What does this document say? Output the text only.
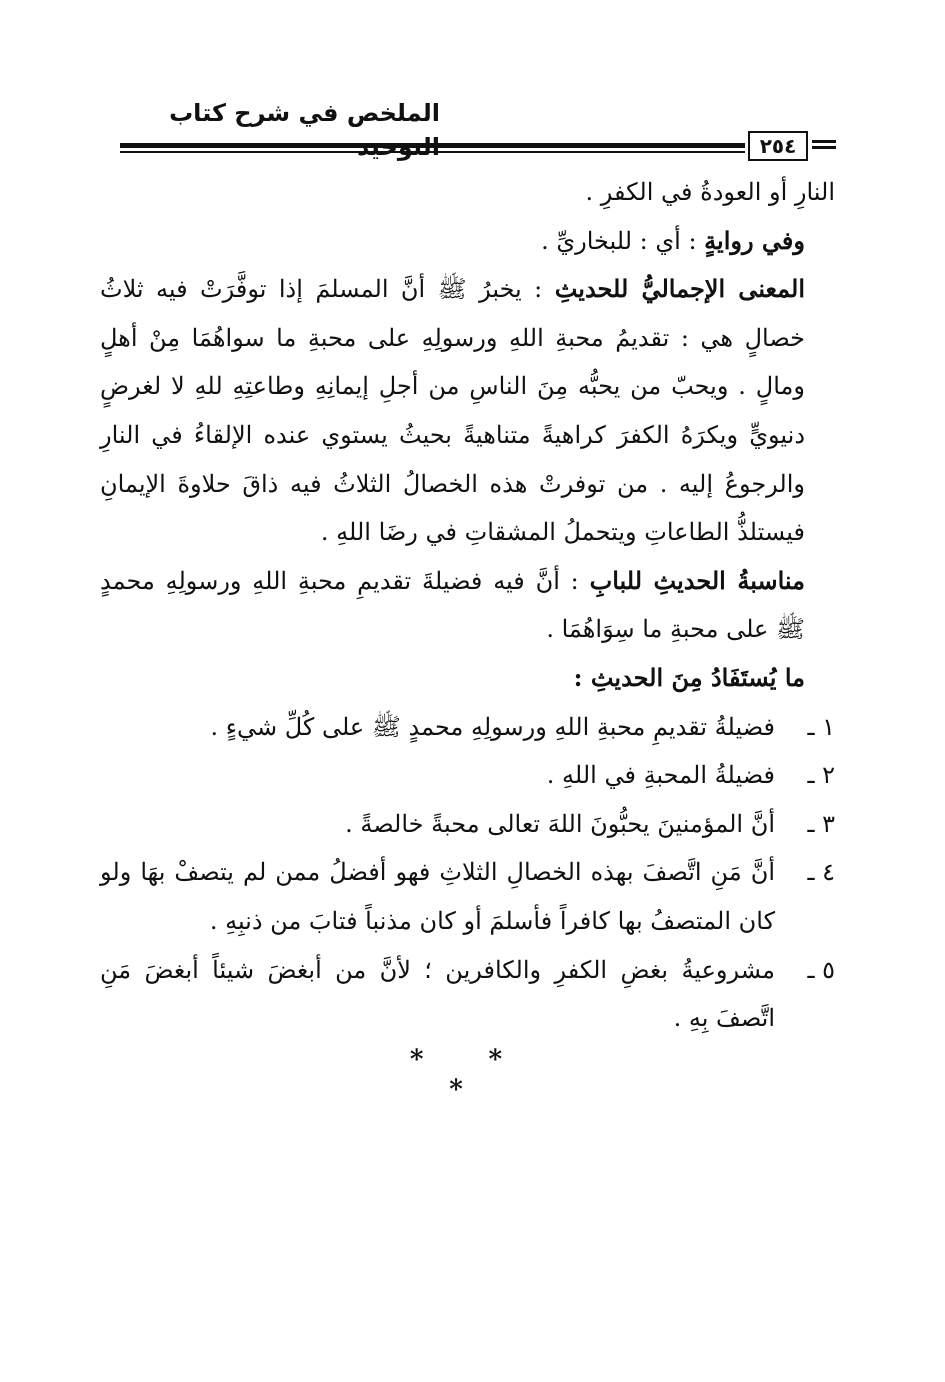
الملخص في شرح كتاب
٢٥٤

النارِ أو العودةُ في الكفرِ .

وفي روايةٍ : أي : للبخاريِّ .

المعنى الإجماليُّ للحديثِ : يخبرُ ﷺ أنَّ المسلمَ إذا توفَّرَتْ فيه ثلاثُ خصالٍ هي : تقديمُ محبةِ اللهِ ورسولِهِ على محبةِ ما سواهُمَا مِنْ أهلٍ ومالٍ . ويحبّ من يحبُّه مِنَ الناسِ من أجلِ إيمانِهِ وطاعتِهِ للهِ لا لغرضٍ دنيويٍّ ويكرَهُ الكفرَ كراهيةً متناهيةً بحيثُ يستوي عنده الإلقاءُ في النارِ والرجوعُ إليه . من توفرتْ هذه الخصالُ الثلاثُ فيه ذاقَ حلاوةَ الإيمانِ فيستلذُّ الطاعاتِ ويتحملُ المشقاتِ في رضَا اللهِ .

مناسبةُ الحديثِ للبابِ : أنَّ فيه فضيلةَ تقديمِ محبةِ اللهِ ورسولِهِ محمدٍ ﷺ على محبةِ ما سِوَاهُمَا .

ما يُستَفَادُ مِنَ الحديثِ :

١ ـ
فضيلةُ تقديمِ محبةِ اللهِ ورسولِهِ محمدٍ ﷺ على كُلِّ شيءٍ .
٢ ـ
فضيلةُ المحبةِ في اللهِ .
٣ ـ
أنَّ المؤمنينَ يحبُّونَ اللهَ تعالى محبةً خالصةً .
٤ ـ
أنَّ مَنِ اتَّصفَ بهذه الخصالِ الثلاثِ فهو أفضلُ ممن لم يتصفْ بهَا ولو كان المتصفُ بها كافراً فأسلمَ أو كان مذنباً فتابَ من ذنبِهِ .
٥ ـ
مشروعيةُ بغضِ الكفرِ والكافرين ؛ لأنَّ من أبغضَ شيئاً أبغضَ مَنِ اتَّصفَ بِهِ .
* * *
